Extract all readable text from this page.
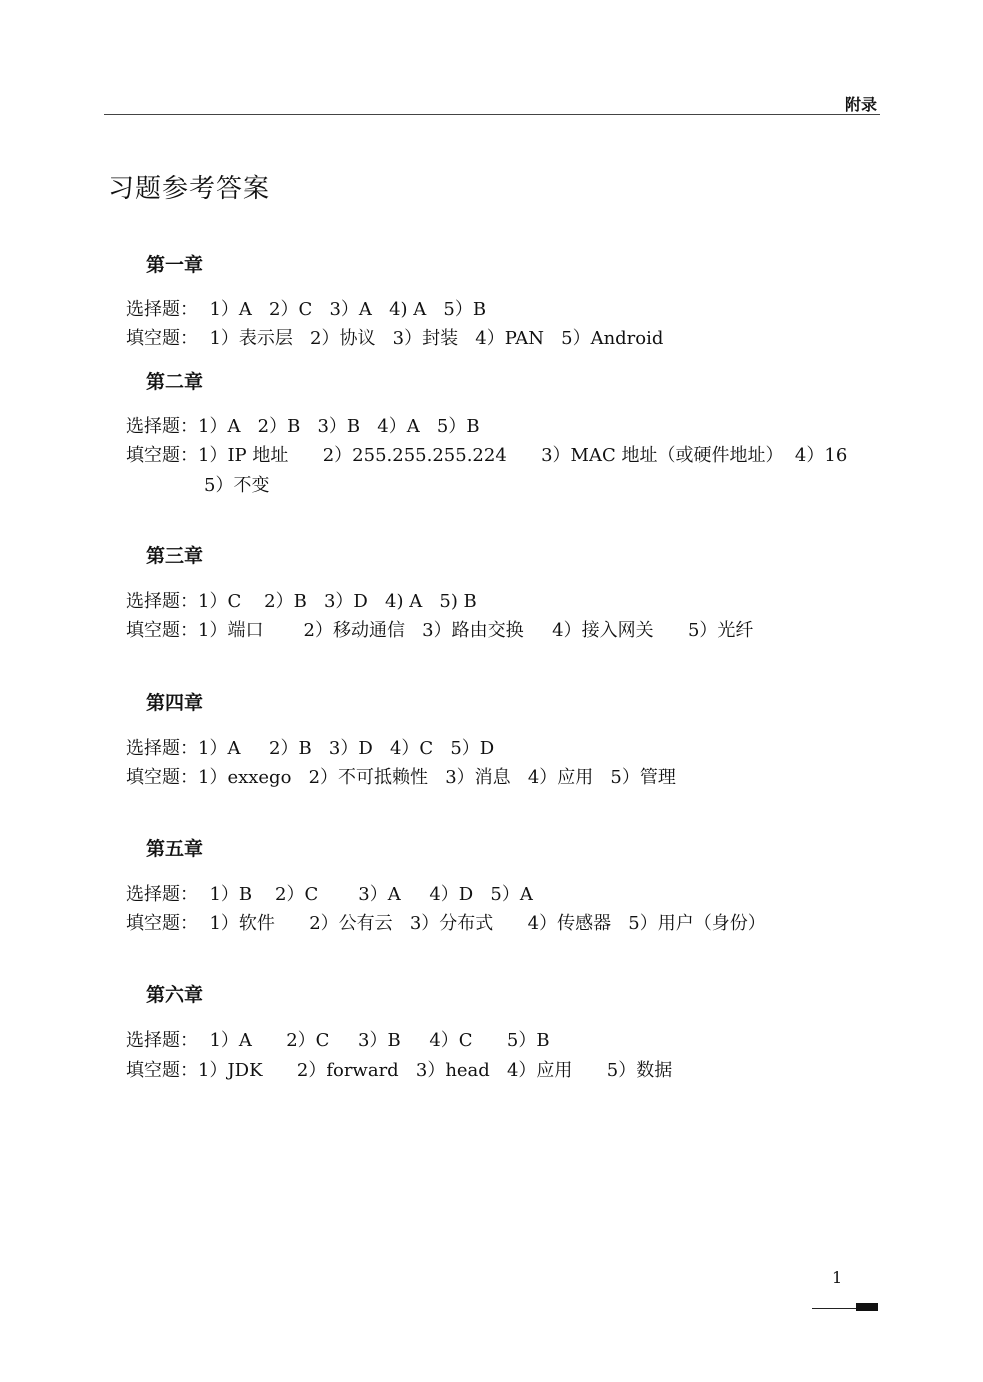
附录
习题参考答案
第一章
选择题：  1）A   2）C   3）A   4) A   5）B
填空题：  1）表示层   2）协议   3）封装   4）PAN   5）Android
第二章
选择题：1）A   2）B   3）B   4）A   5）B
填空题：1）IP 地址      2）255.255.255.224      3）MAC 地址（或硬件地址）  4）16
5）不变
第三章
选择题：1）C    2）B   3）D   4) A   5) B
填空题：1）端口       2）移动通信   3）路由交换     4）接入网关      5）光纤
第四章
选择题：1）A     2）B   3）D   4）C   5）D
填空题：1）exxego   2）不可抵赖性   3）消息   4）应用   5）管理
第五章
选择题：  1）B    2）C       3）A     4）D   5）A
填空题：  1）软件      2）公有云   3）分布式      4）传感器   5）用户（身份）
第六章
选择题：  1）A      2）C     3）B     4）C      5）B
填空题：1）JDK      2）forward   3）head   4）应用      5）数据
1
